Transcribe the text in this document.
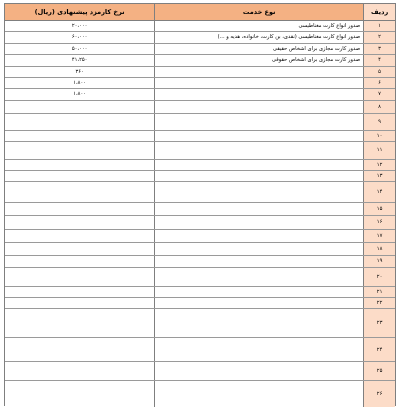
ردیف
نوع خدمت
نرخ کارمزد پیشنهادی (ریال)
۱
صدور انواع کارت مغناطیسی
۲۰،۰۰۰
۲
صدور انواع کارت مغناطیسی (نقدی، بن کارت، خانواده، هدیه و ...)
۶۰،۰۰۰
۳
صدور کارت مجازی برای اشخاص حقیقی
۵۰،۰۰۰
۴
صدور کارت مجازی برای اشخاص حقوقی
۴۱،۲۵۰
۵
۳۶۰
۶
۱،۸۰۰
۷
۱،۸۰۰
۸
۹
۱۰
۱۱
۱۲
۱۳
۱۴
۱۵
۱۶
۱۷
۱۸
۱۹
۲۰
۲۱
۲۲
۲۳
۲۴
۲۵
۲۶
